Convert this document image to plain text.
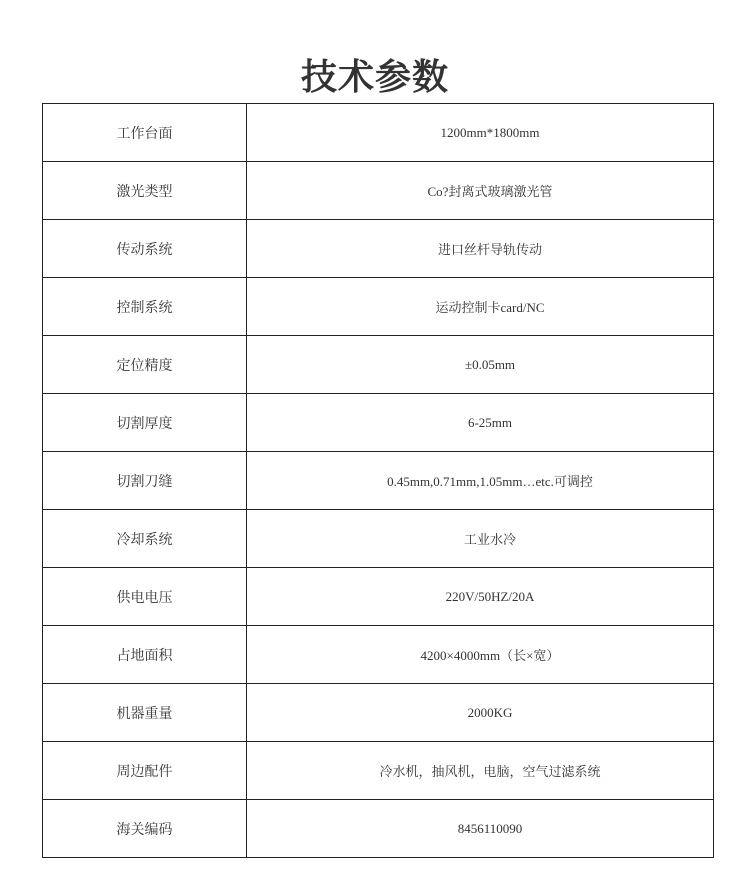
技术参数
工作台面	1200mm*1800mm
激光类型	Co?封离式玻璃激光管
传动系统	进口丝杆导轨传动
控制系统	运动控制卡card/NC
定位精度	±0.05mm
切割厚度	6-25mm
切割刀缝	0.45mm,0.71mm,1.05mm…etc.可调控
冷却系统	工业水冷
供电电压	220V/50HZ/20A
占地面积	4200×4000mm（长×宽）
机器重量	2000KG
周边配件	冷水机，抽风机，电脑，空气过滤系统
海关编码	8456110090
